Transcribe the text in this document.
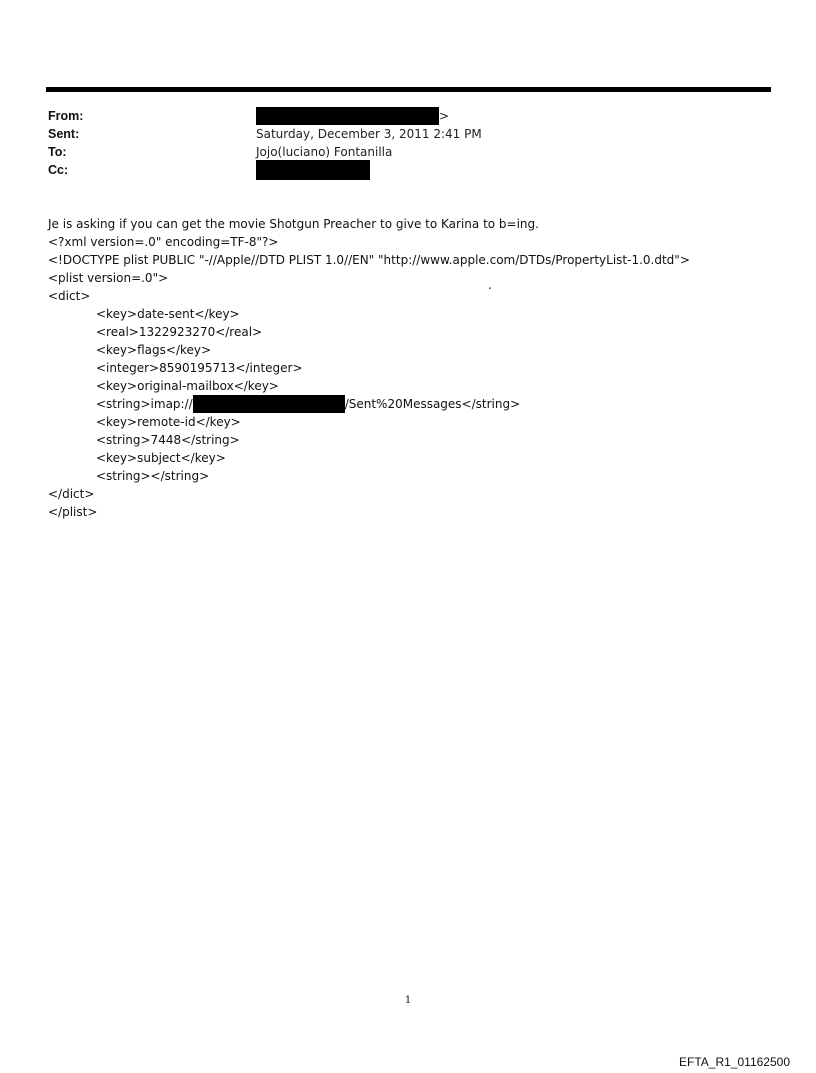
From:	>
Sent:	Saturday, December 3, 2011 2:41 PM
To:	Jojo(luciano) Fontanilla
Cc:
Je is asking if you can get the movie Shotgun Preacher to give to Karina to b=ing.
<?xml version=.0" encoding=TF-8"?>
<!DOCTYPE plist PUBLIC "-//Apple//DTD PLIST 1.0//EN" "http://www.apple.com/DTDs/PropertyList-1.0.dtd">
<plist version=.0">
<dict>
<key>date-sent</key>
<real>1322923270</real>
<key>flags</key>
<integer>8590195713</integer>
<key>original-mailbox</key>
<string>imap://	/Sent%20Messages</string>
<key>remote-id</key>
<string>7448</string>
<key>subject</key>
<string></string>
</dict>
</plist>
.
1
EFTA_R1_01162500
